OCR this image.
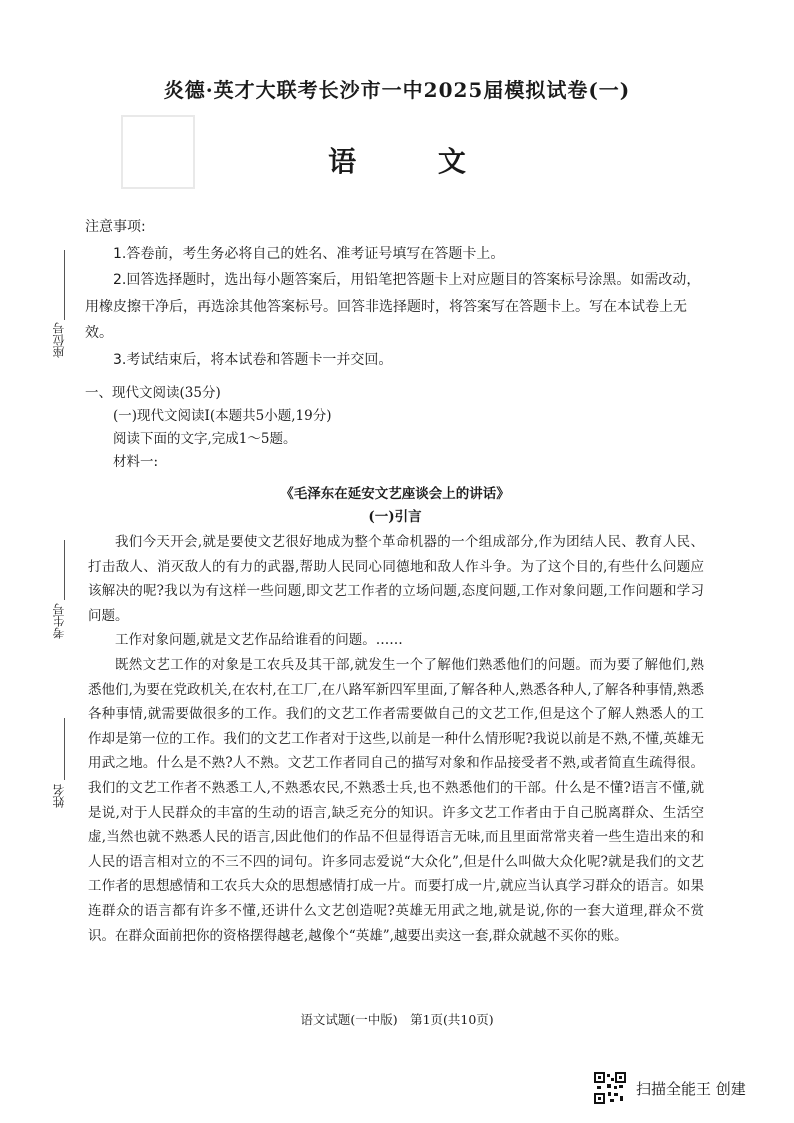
炎德·英才大联考长沙市一中2025届模拟试卷(一)
语 文
座位号
考生号
姓名

注意事项:

1.答卷前，考生务必将自己的姓名、准考证号填写在答题卡上。

2.回答选择题时，选出每小题答案后，用铅笔把答题卡上对应题目的答案标号涂黑。如需改动，用橡皮擦干净后，再选涂其他答案标号。回答非选择题时，将答案写在答题卡上。写在本试卷上无效。

3.考试结束后，将本试卷和答题卡一并交回。

一、现代文阅读(35分)

(一)现代文阅读Ⅰ(本题共5小题,19分)

阅读下面的文字,完成1～5题。

材料一:

《毛泽东在延安文艺座谈会上的讲话》

(一)引言

我们今天开会,就是要使文艺很好地成为整个革命机器的一个组成部分,作为团结人民、教育人民、打击敌人、消灭敌人的有力的武器,帮助人民同心同德地和敌人作斗争。为了这个目的,有些什么问题应该解决的呢?我以为有这样一些问题,即文艺工作者的立场问题,态度问题,工作对象问题,工作问题和学习问题。

工作对象问题,就是文艺作品给谁看的问题。……

既然文艺工作的对象是工农兵及其干部,就发生一个了解他们熟悉他们的问题。而为要了解他们,熟悉他们,为要在党政机关,在农村,在工厂,在八路军新四军里面,了解各种人,熟悉各种人,了解各种事情,熟悉各种事情,就需要做很多的工作。我们的文艺工作者需要做自己的文艺工作,但是这个了解人熟悉人的工作却是第一位的工作。我们的文艺工作者对于这些,以前是一种什么情形呢?我说以前是不熟,不懂,英雄无用武之地。什么是不熟?人不熟。文艺工作者同自己的描写对象和作品接受者不熟,或者简直生疏得很。我们的文艺工作者不熟悉工人,不熟悉农民,不熟悉士兵,也不熟悉他们的干部。什么是不懂?语言不懂,就是说,对于人民群众的丰富的生动的语言,缺乏充分的知识。许多文艺工作者由于自己脱离群众、生活空虚,当然也就不熟悉人民的语言,因此他们的作品不但显得语言无味,而且里面常常夹着一些生造出来的和人民的语言相对立的不三不四的词句。许多同志爱说“大众化”,但是什么叫做大众化呢?就是我们的文艺工作者的思想感情和工农兵大众的思想感情打成一片。而要打成一片,就应当认真学习群众的语言。如果连群众的语言都有许多不懂,还讲什么文艺创造呢?英雄无用武之地,就是说,你的一套大道理,群众不赏识。在群众面前把你的资格摆得越老,越像个“英雄”,越要出卖这一套,群众就越不买你的账。

语文试题(一中版)　第1页(共10页)
扫描全能王 创建
